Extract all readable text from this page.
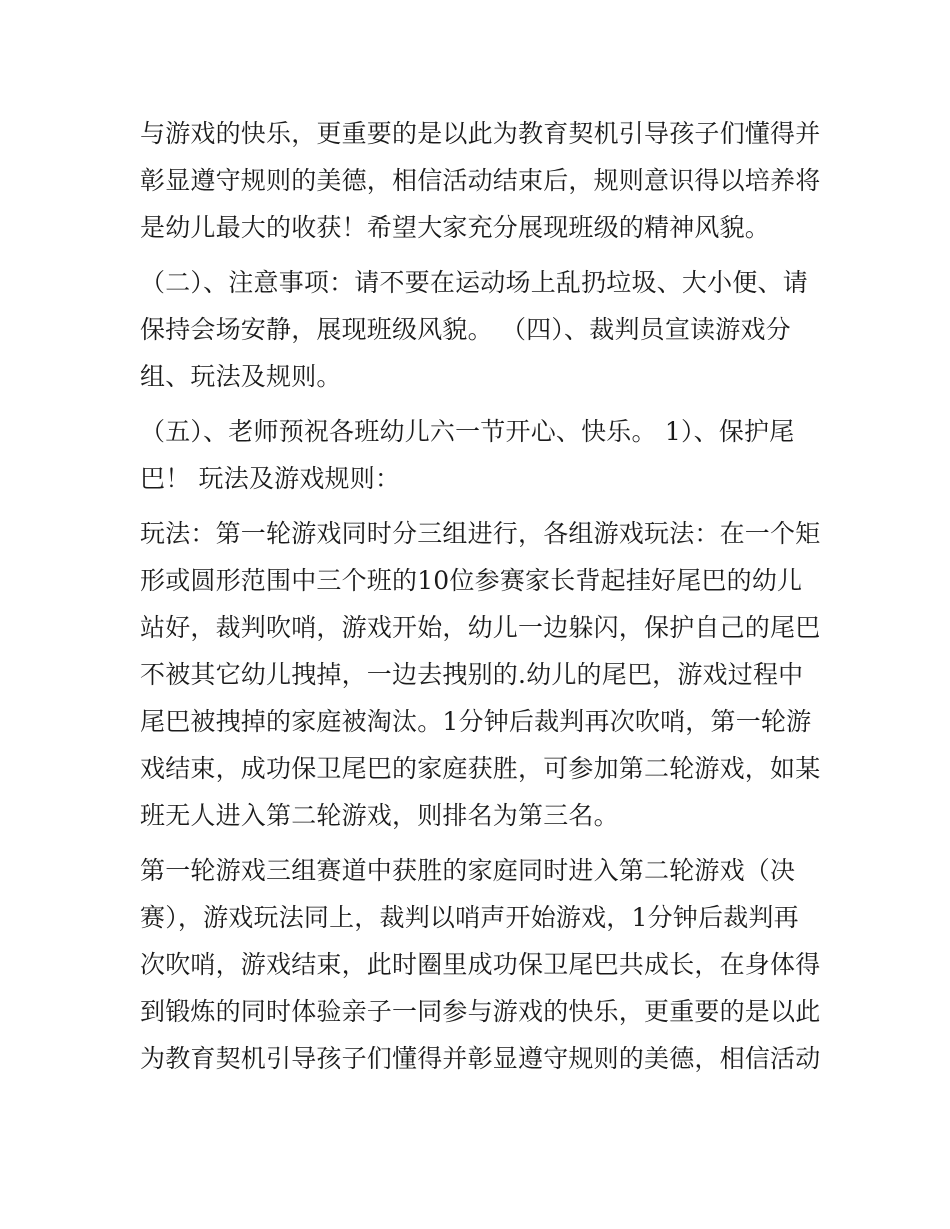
与游戏的快乐，更重要的是以此为教育契机引导孩子们懂得并
彰显遵守规则的美德，相信活动结束后，规则意识得以培养将
是幼儿最大的收获！希望大家充分展现班级的精神风貌。
（二）、注意事项：请不要在运动场上乱扔垃圾、大小便、请
保持会场安静，展现班级风貌。 （四）、裁判员宣读游戏分
组、玩法及规则。
（五）、老师预祝各班幼儿六一节开心、快乐。 1）、保护尾
巴！ 玩法及游戏规则：
玩法：第一轮游戏同时分三组进行，各组游戏玩法：在一个矩
形或圆形范围中三个班的10位参赛家长背起挂好尾巴的幼儿
站好，裁判吹哨，游戏开始，幼儿一边躲闪，保护自己的尾巴
不被其它幼儿拽掉，一边去拽别的.幼儿的尾巴，游戏过程中
尾巴被拽掉的家庭被淘汰。1分钟后裁判再次吹哨，第一轮游
戏结束，成功保卫尾巴的家庭获胜，可参加第二轮游戏，如某
班无人进入第二轮游戏，则排名为第三名。
第一轮游戏三组赛道中获胜的家庭同时进入第二轮游戏（决
赛），游戏玩法同上，裁判以哨声开始游戏，1分钟后裁判再
次吹哨，游戏结束，此时圈里成功保卫尾巴共成长，在身体得
到锻炼的同时体验亲子一同参与游戏的快乐，更重要的是以此
为教育契机引导孩子们懂得并彰显遵守规则的美德，相信活动
